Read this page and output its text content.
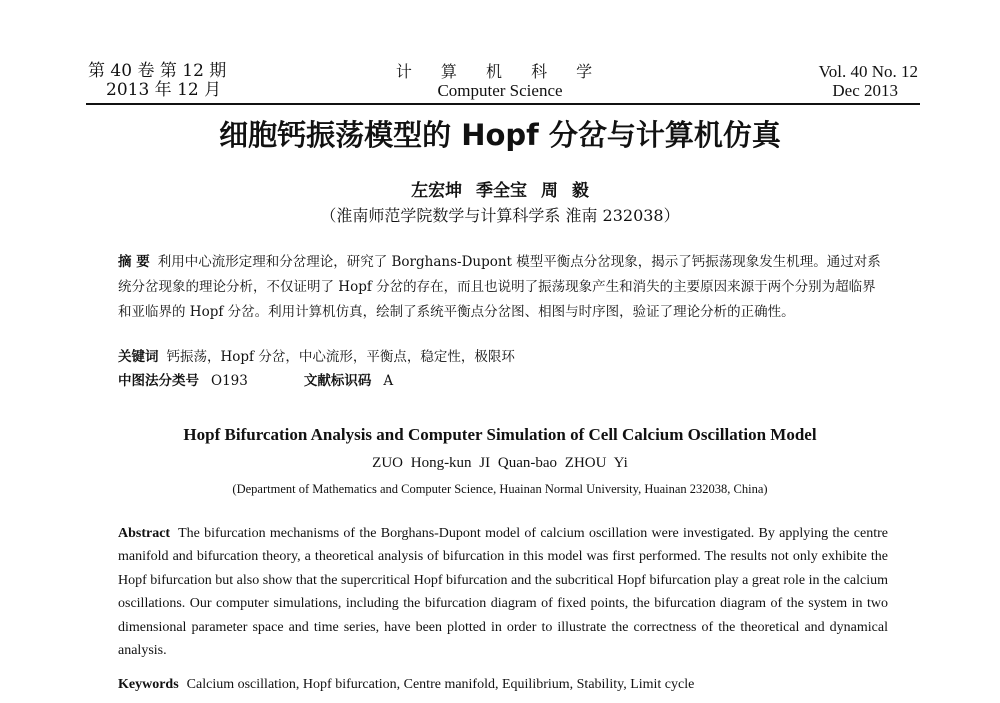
第 40 卷 第 12 期
2013 年 12 月
计 算 机 科 学
Computer Science
Vol. 40 No. 12
Dec 2013
细胞钙振荡模型的 Hopf 分岔与计算机仿真
左宏坤 季全宝 周 毅
（淮南师范学院数学与计算科学系 淮南 232038）
摘 要 利用中心流形定理和分岔理论，研究了 Borghans-Dupont 模型平衡点分岔现象，揭示了钙振荡现象发生机理。通过对系统分岔现象的理论分析，不仅证明了 Hopf 分岔的存在，而且也说明了振荡现象产生和消失的主要原因来源于两个分别为超临界和亚临界的 Hopf 分岔。利用计算机仿真，绘制了系统平衡点分岔图、相图与时序图，验证了理论分析的正确性。
关键词 钙振荡，Hopf 分岔，中心流形，平衡点，稳定性，极限环
中图法分类号 O193	文献标识码 A
Hopf Bifurcation Analysis and Computer Simulation of Cell Calcium Oscillation Model
ZUO Hong-kun JI Quan-bao ZHOU Yi
(Department of Mathematics and Computer Science, Huainan Normal University, Huainan 232038, China)
Abstract The bifurcation mechanisms of the Borghans-Dupont model of calcium oscillation were investigated. By applying the centre manifold and bifurcation theory, a theoretical analysis of bifurcation in this model was first performed. The results not only exhibite the Hopf bifurcation but also show that the supercritical Hopf bifurcation and the subcritical Hopf bifurcation play a great role in the calcium oscillations. Our computer simulations, including the bifurcation diagram of fixed points, the bifurcation diagram of the system in two dimensional parameter space and time series, have been plotted in order to illustrate the correctness of the theoretical and dynamical analysis.
Keywords Calcium oscillation, Hopf bifurcation, Centre manifold, Equilibrium, Stability, Limit cycle
